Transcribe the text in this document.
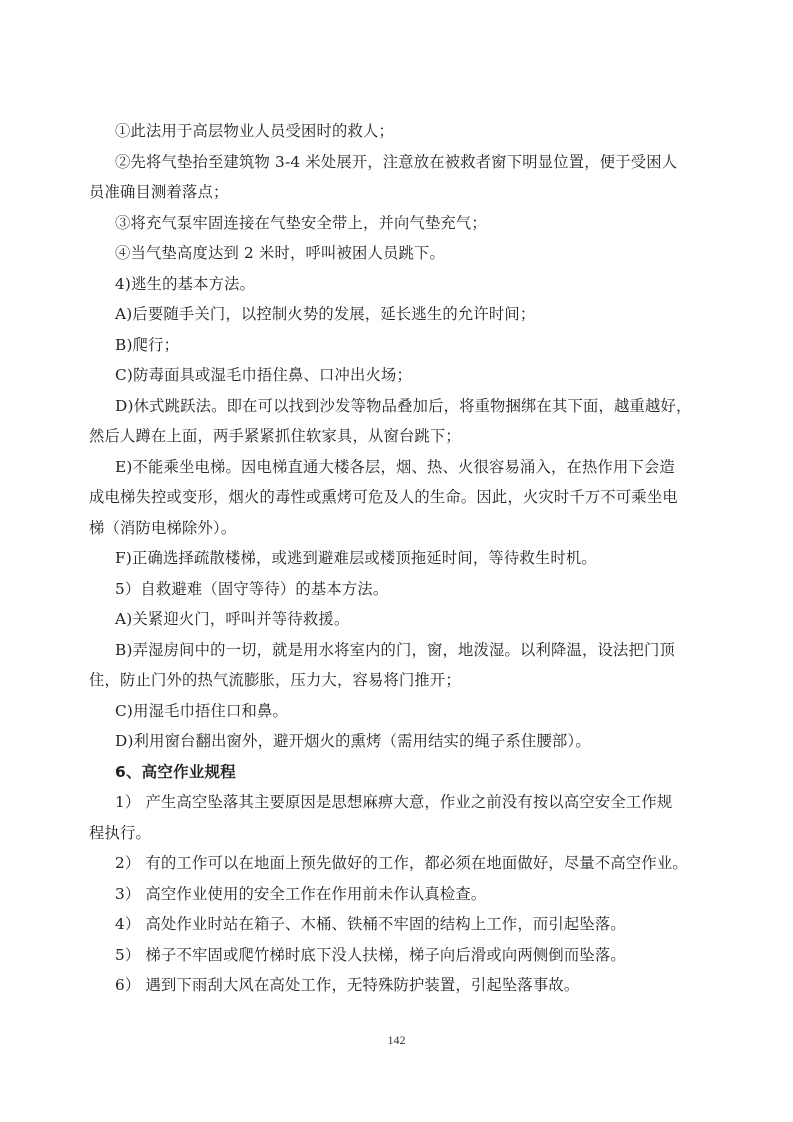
①此法用于高层物业人员受困时的救人；

②先将气垫抬至建筑物 3-4 米处展开，注意放在被救者窗下明显位置，便于受困人

员准确目测着落点；

③将充气泵牢固连接在气垫安全带上，并向气垫充气；

④当气垫高度达到 2 米时，呼叫被困人员跳下。

4)逃生的基本方法。

A)后要随手关门，以控制火势的发展，延长逃生的允许时间；

B)爬行；

C)防毒面具或湿毛巾捂住鼻、口冲出火场；

D)休式跳跃法。即在可以找到沙发等物品叠加后，将重物捆绑在其下面，越重越好，

然后人蹲在上面，两手紧紧抓住软家具，从窗台跳下；

E)不能乘坐电梯。因电梯直通大楼各层，烟、热、火很容易涌入，在热作用下会造

成电梯失控或变形，烟火的毒性或熏烤可危及人的生命。因此，火灾时千万不可乘坐电

梯（消防电梯除外）。

F)正确选择疏散楼梯，或逃到避难层或楼顶拖延时间，等待救生时机。

5）自救避难（固守等待）的基本方法。

A)关紧迎火门，呼叫并等待救援。

B)弄湿房间中的一切，就是用水将室内的门，窗，地泼湿。以利降温，设法把门顶

住，防止门外的热气流膨胀，压力大，容易将门推开；

C)用湿毛巾捂住口和鼻。

D)利用窗台翻出窗外，避开烟火的熏烤（需用结实的绳子系住腰部）。

6、高空作业规程

1） 产生高空坠落其主要原因是思想麻痹大意，作业之前没有按以高空安全工作规

程执行。

2） 有的工作可以在地面上预先做好的工作，都必须在地面做好，尽量不高空作业。

3） 高空作业使用的安全工作在作用前未作认真检查。

4） 高处作业时站在箱子、木桶、铁桶不牢固的结构上工作，而引起坠落。

5） 梯子不牢固或爬竹梯时底下没人扶梯，梯子向后滑或向两侧倒而坠落。

6） 遇到下雨刮大风在高处工作，无特殊防护装置，引起坠落事故。

142
